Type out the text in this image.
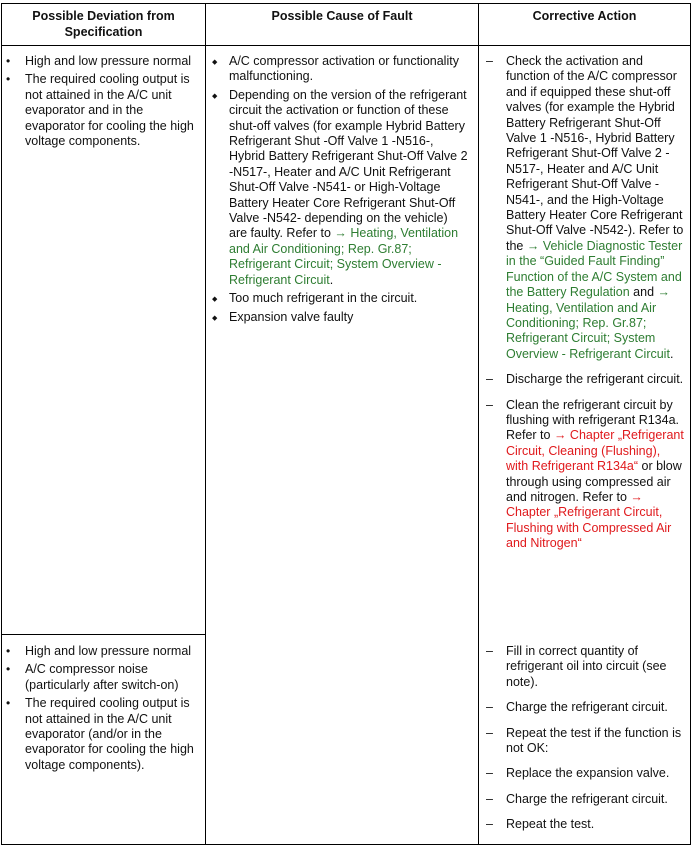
Possible Deviation from Specification
Possible Cause of Fault	Corrective Action
• High and low pressure normal
• The required cooling output is not attained in the A/C unit evaporator and in the evaporator for cooling the high voltage components.
• High and low pressure normal
• A/C compressor noise (particularly after switch-on)
• The required cooling output is not attained in the A/C unit evaporator (and/or in the evaporator for cooling the high voltage components).
◆ A/C compressor activation or functionality malfunctioning.
◆ Depending on the version of the refrigerant circuit the activation or function of these shut-off valves (for example Hybrid Battery Refrigerant Shut -Off Valve 1 -N516-, Hybrid Battery Refrigerant Shut-Off Valve 2 -N517-, Heater and A/C Unit Refrigerant Shut-Off Valve -N541- or High-Voltage Battery Heater Core Refrigerant Shut-Off Valve -N542- depending on the vehicle) are faulty. Refer to → Heating, Ventilation and Air Conditioning; Rep. Gr.87; Refrigerant Circuit; System Overview - Refrigerant Circuit.
◆ Too much refrigerant in the circuit.
◆ Expansion valve faulty
– Check the activation and function of the A/C compressor and if equipped these shut-off valves (for example the Hybrid Battery Refrigerant Shut-Off Valve 1 -N516-, Hybrid Battery Refrigerant Shut-Off Valve 2 -N517-, Heater and A/C Unit Refrigerant Shut-Off Valve -N541-, and the High-Voltage Battery Heater Core Refrigerant Shut-Off Valve -N542-). Refer to the → Vehicle Diagnostic Tester in the “Guided Fault Finding” Function of the A/C System and the Battery Regulation and → Heating, Ventilation and Air Conditioning; Rep. Gr.87; Refrigerant Circuit; System Overview - Refrigerant Circuit.
– Discharge the refrigerant circuit.
– Clean the refrigerant circuit by flushing with refrigerant R134a. Refer to → Chapter „Refrigerant Circuit, Cleaning (Flushing), with Refrigerant R134a“ or blow through using compressed air and nitrogen. Refer to → Chapter „Refrigerant Circuit, Flushing with Compressed Air and Nitrogen“
– Fill in correct quantity of refrigerant oil into circuit (see note).
– Charge the refrigerant circuit.
– Repeat the test if the function is not OK:
– Replace the expansion valve.
– Charge the refrigerant circuit.
– Repeat the test.
